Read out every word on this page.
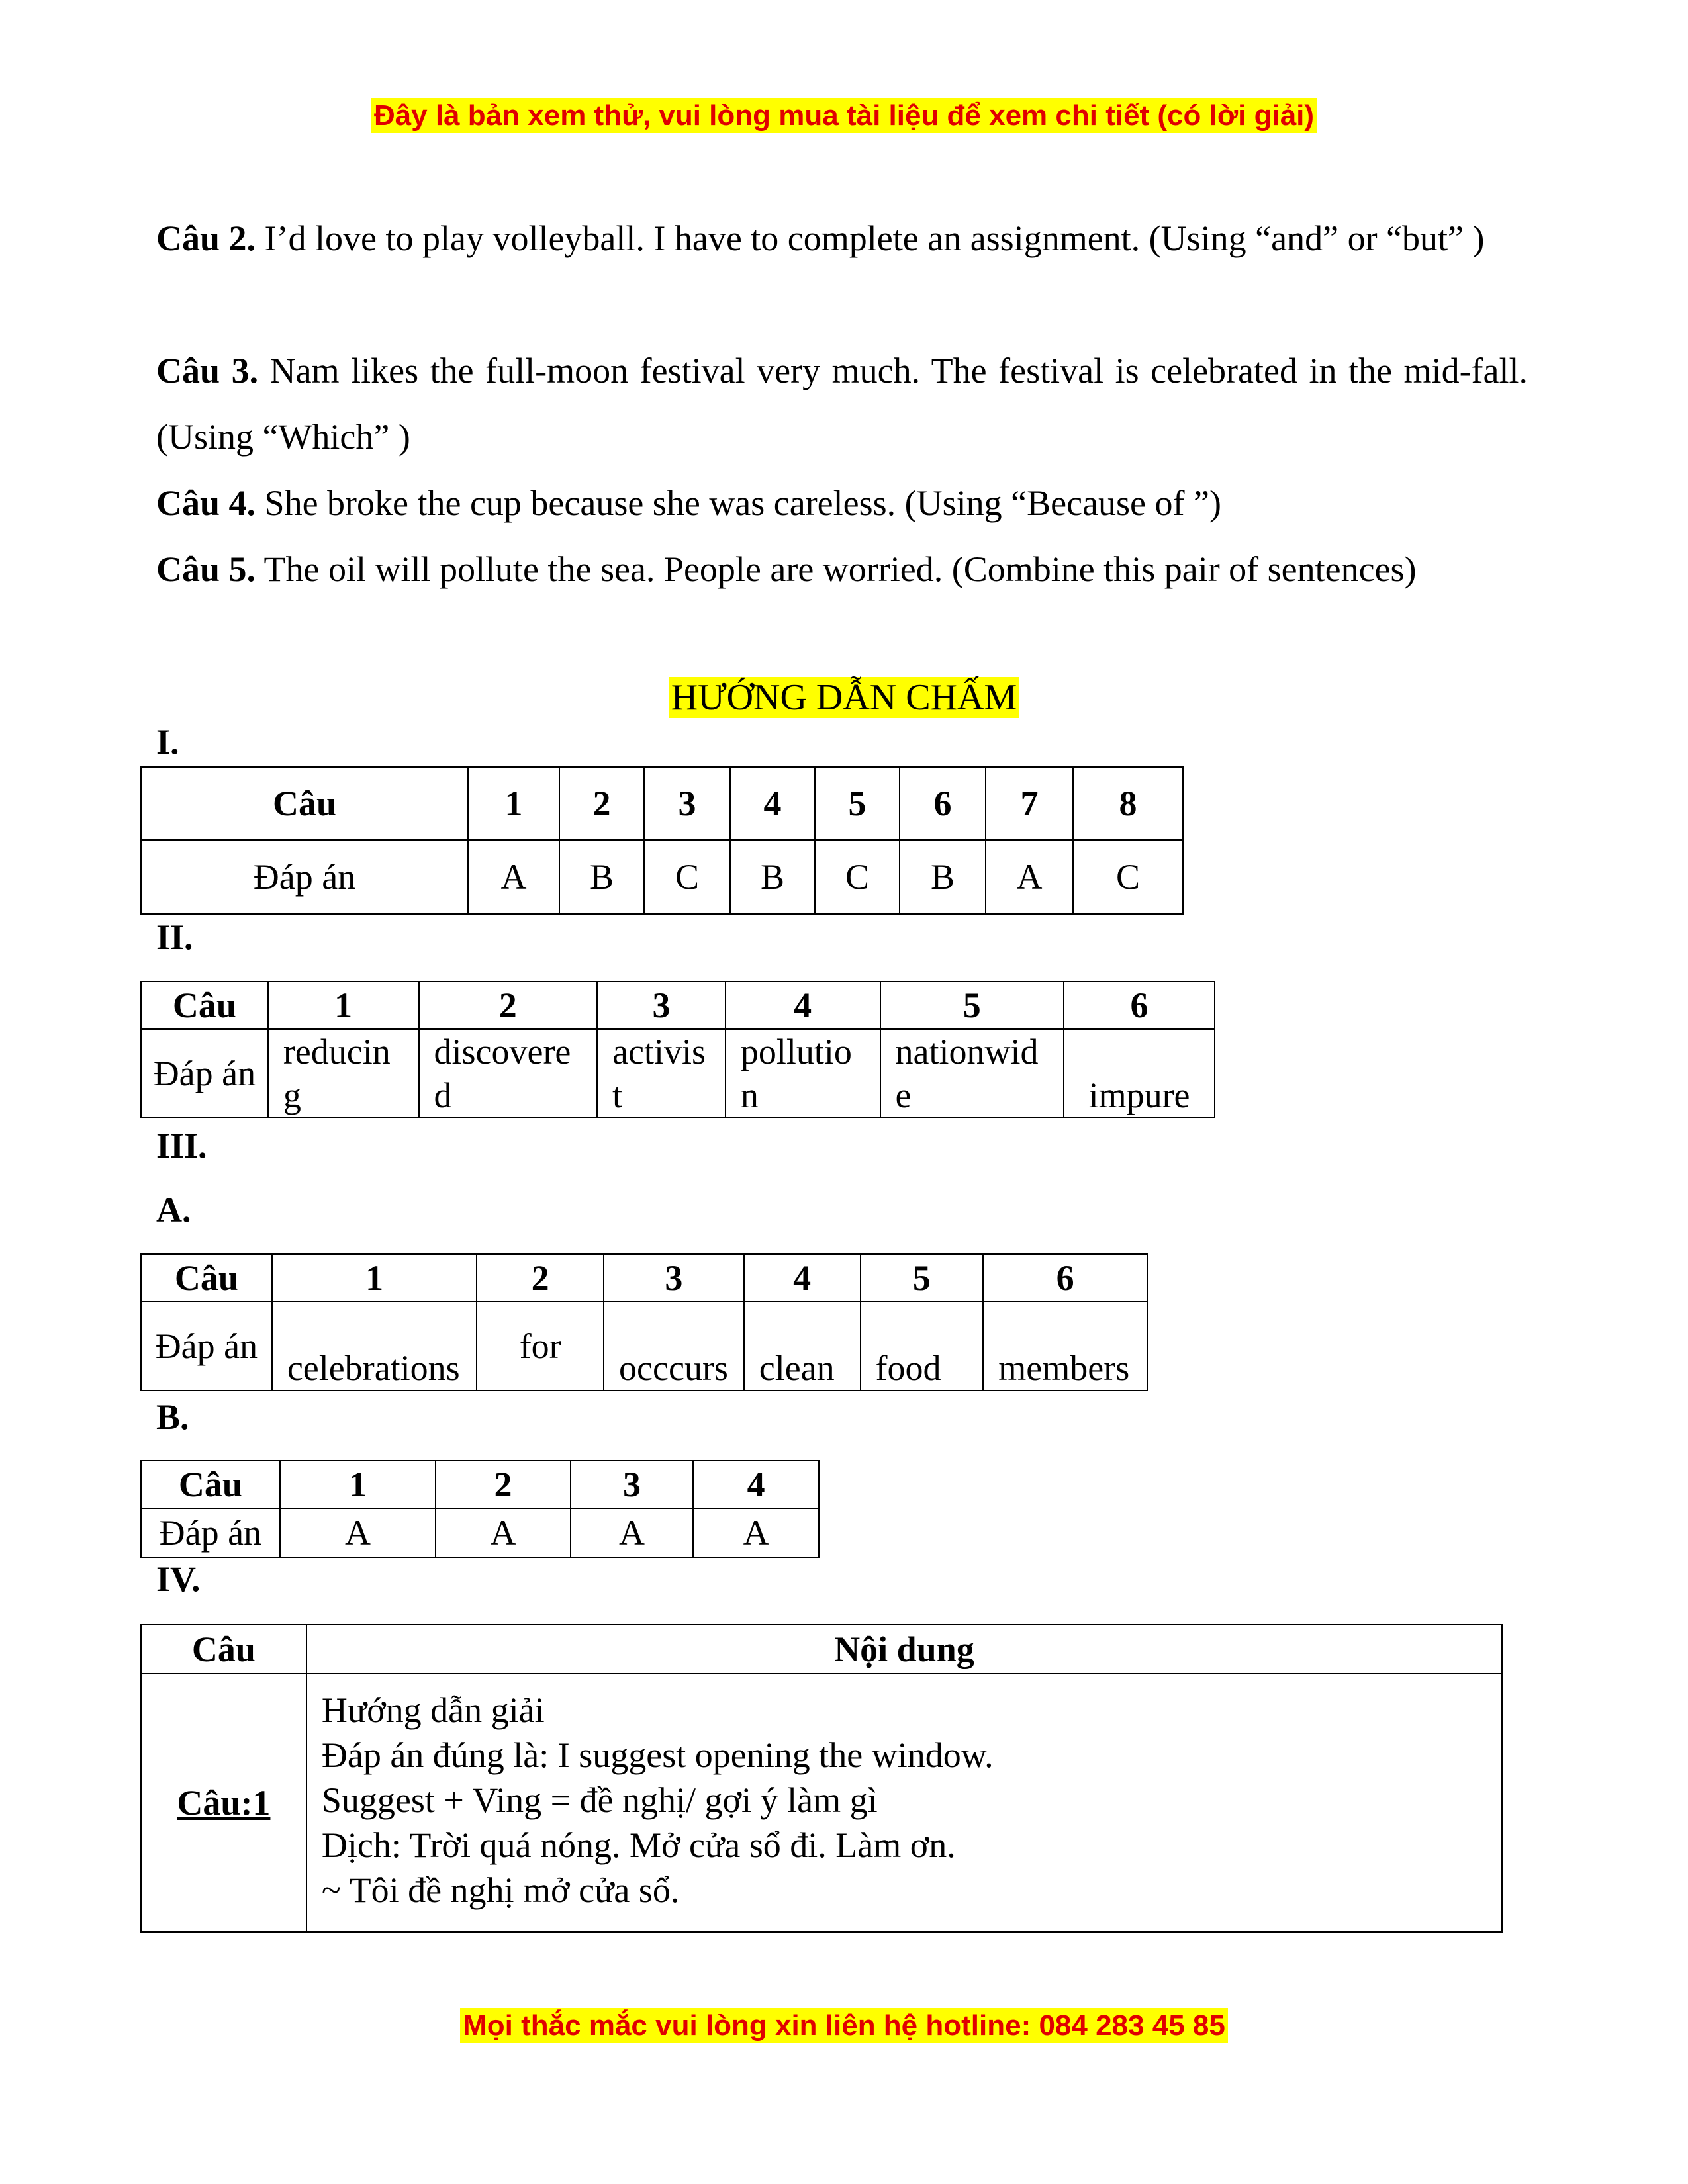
Đây là bản xem thử, vui lòng mua tài liệu để xem chi tiết (có lời giải)
Câu 2. I’d love to play volleyball. I have to complete an assignment. (Using “and” or “but” )
Câu 3. Nam likes the full-moon festival very much. The festival is celebrated in the mid-fall. (Using “Which” )
Câu 4. She broke the cup because she was careless. (Using “Because of ”)
Câu 5. The oil will pollute the sea. People are worried. (Combine this pair of sentences)
HƯỚNG DẪN CHẤM
I.
Câu	1	2	3	4	5	6	7	8
Đáp án	A	B	C	B	C	B	A	C
II.
Câu	1	2	3	4	5	6
Đáp án	reducing	discovered	activist	pollution	nationwide	impure
III.
A.
Câu	1	2	3	4	5	6
Đáp án	celebrations	for	occcurs	clean	food	members
B.
Câu	1	2	3	4
Đáp án	A	A	A	A
IV.
Câu	Nội dung
Câu:1	Hướng dẫn giải
Đáp án đúng là: I suggest opening the window.
Suggest + Ving = đề nghị/ gợi ý làm gì
Dịch: Trời quá nóng. Mở cửa sổ đi. Làm ơn.
~ Tôi đề nghị mở cửa sổ.
Mọi thắc mắc vui lòng xin liên hệ hotline: 084 283 45 85
